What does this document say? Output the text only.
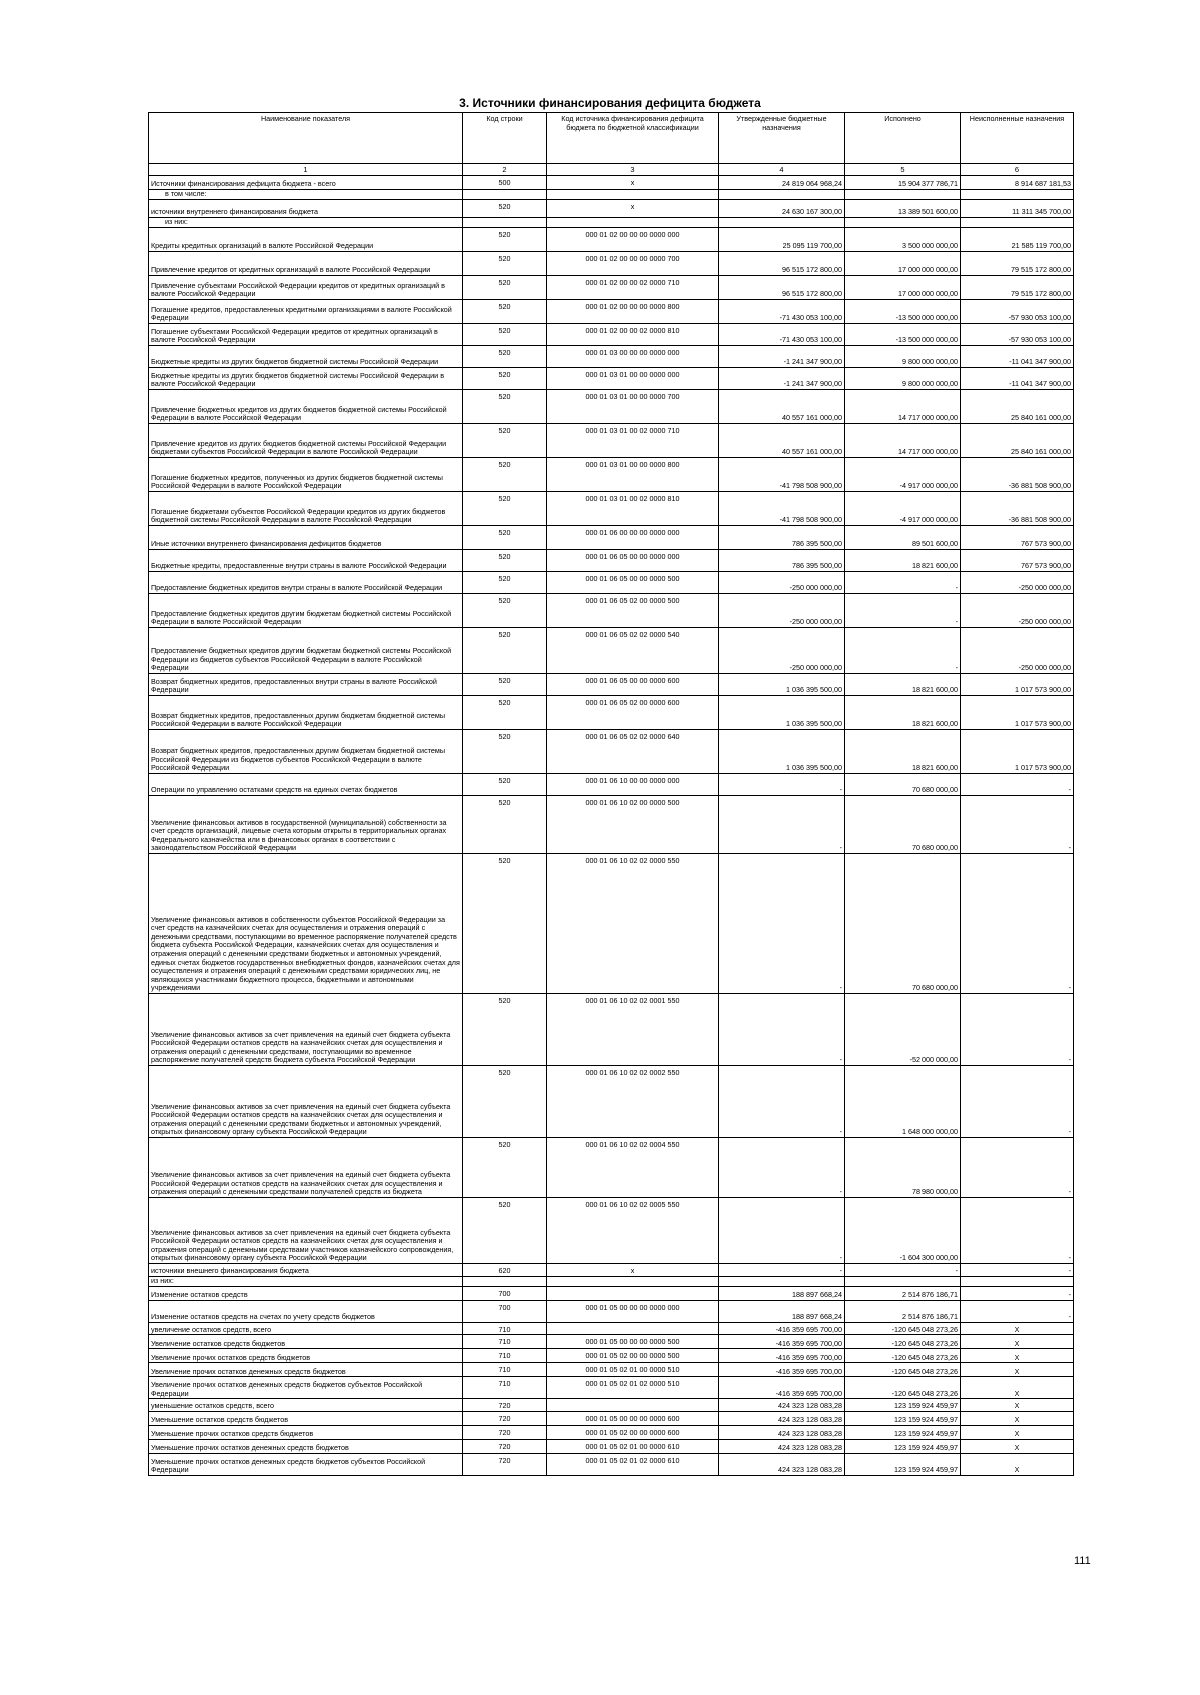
3. Источники финансирования дефицита бюджета
Наименование показателя	Код строки	Код источника финансирования дефицита бюджета по бюджетной классификации	Утвержденные бюджетные назначения	Исполнено	Неисполненные назначения
1	2	3	4	5	6
Источники финансирования дефицита бюджета - всего	500	x	24 819 064 968,24	15 904 377 786,71	8 914 687 181,53
в том числе:					
источники внутреннего финансирования бюджета	520	x	24 630 167 300,00	13 389 501 600,00	11 311 345 700,00
из них:					
Кредиты кредитных организаций в валюте Российской Федерации	520	000 01 02 00 00 00 0000 000	25 095 119 700,00	3 500 000 000,00	21 585 119 700,00
Привлечение кредитов от кредитных организаций в валюте Российской Федерации	520	000 01 02 00 00 00 0000 700	96 515 172 800,00	17 000 000 000,00	79 515 172 800,00
Привлечение субъектами Российской Федерации кредитов от кредитных организаций в валюте Российской Федерации	520	000 01 02 00 00 02 0000 710	96 515 172 800,00	17 000 000 000,00	79 515 172 800,00
Погашение кредитов, предоставленных кредитными организациями в валюте Российской Федерации	520	000 01 02 00 00 00 0000 800	-71 430 053 100,00	-13 500 000 000,00	-57 930 053 100,00
Погашение субъектами Российской Федерации кредитов от кредитных организаций в валюте Российской Федерации	520	000 01 02 00 00 02 0000 810	-71 430 053 100,00	-13 500 000 000,00	-57 930 053 100,00
Бюджетные кредиты из других бюджетов бюджетной системы Российской Федерации	520	000 01 03 00 00 00 0000 000	-1 241 347 900,00	9 800 000 000,00	-11 041 347 900,00
Бюджетные кредиты из других бюджетов бюджетной системы Российской Федерации в валюте Российской Федерации	520	000 01 03 01 00 00 0000 000	-1 241 347 900,00	9 800 000 000,00	-11 041 347 900,00
Привлечение бюджетных кредитов из других бюджетов бюджетной системы Российской Федерации в валюте Российской Федерации	520	000 01 03 01 00 00 0000 700	40 557 161 000,00	14 717 000 000,00	25 840 161 000,00
Привлечение кредитов из других бюджетов бюджетной системы Российской Федерации бюджетами субъектов Российской Федерации в валюте Российской Федерации	520	000 01 03 01 00 02 0000 710	40 557 161 000,00	14 717 000 000,00	25 840 161 000,00
Погашение бюджетных кредитов, полученных из других бюджетов бюджетной системы Российской Федерации в валюте Российской Федерации	520	000 01 03 01 00 00 0000 800	-41 798 508 900,00	-4 917 000 000,00	-36 881 508 900,00
Погашение бюджетами субъектов Российской Федерации кредитов из других бюджетов бюджетной системы Российской Федерации в валюте Российской Федерации	520	000 01 03 01 00 02 0000 810	-41 798 508 900,00	-4 917 000 000,00	-36 881 508 900,00
Иные источники внутреннего финансирования дефицитов бюджетов	520	000 01 06 00 00 00 0000 000	786 395 500,00	89 501 600,00	767 573 900,00
Бюджетные кредиты, предоставленные внутри страны в валюте Российской Федерации	520	000 01 06 05 00 00 0000 000	786 395 500,00	18 821 600,00	767 573 900,00
Предоставление бюджетных кредитов внутри страны в валюте Российской Федерации	520	000 01 06 05 00 00 0000 500	-250 000 000,00	-	-250 000 000,00
Предоставление бюджетных кредитов другим бюджетам бюджетной системы Российской Федерации в валюте Российской Федерации	520	000 01 06 05 02 00 0000 500	-250 000 000,00	-	-250 000 000,00
Предоставление бюджетных кредитов другим бюджетам бюджетной системы Российской Федерации из бюджетов субъектов Российской Федерации в валюте Российской Федерации	520	000 01 06 05 02 02 0000 540	-250 000 000,00	-	-250 000 000,00
Возврат бюджетных кредитов, предоставленных внутри страны в валюте Российской Федерации	520	000 01 06 05 00 00 0000 600	1 036 395 500,00	18 821 600,00	1 017 573 900,00
Возврат бюджетных кредитов, предоставленных другим бюджетам бюджетной системы Российской Федерации в валюте Российской Федерации	520	000 01 06 05 02 00 0000 600	1 036 395 500,00	18 821 600,00	1 017 573 900,00
Возврат бюджетных кредитов, предоставленных другим бюджетам бюджетной системы Российской Федерации из бюджетов субъектов Российской Федерации в валюте Российской Федерации	520	000 01 06 05 02 02 0000 640	1 036 395 500,00	18 821 600,00	1 017 573 900,00
Операции по управлению остатками средств на единых счетах бюджетов	520	000 01 06 10 00 00 0000 000	-	70 680 000,00	-
Увеличение финансовых активов в государственной (муниципальной) собственности за счет средств организаций, лицевые счета которым открыты в территориальных органах Федерального казначейства или в финансовых органах в соответствии с законодательством Российской Федерации	520	000 01 06 10 02 00 0000 500	-	70 680 000,00	-
Увеличение финансовых активов в собственности субъектов Российской Федерации за счет средств на казначейских счетах для осуществления и отражения операций с денежными средствами, поступающими во временное распоряжение получателей средств бюджета субъекта Российской Федерации, казначейских счетах для осуществления и отражения операций с денежными средствами бюджетных и автономных учреждений, единых счетах бюджетов государственных внебюджетных фондов, казначейских счетах для осуществления и отражения операций с денежными средствами юридических лиц, не являющихся участниками бюджетного процесса, бюджетными и автономными учреждениями	520	000 01 06 10 02 02 0000 550	-	70 680 000,00	-
Увеличение финансовых активов за счет привлечения на единый счет бюджета субъекта Российской Федерации остатков средств на казначейских счетах для осуществления и отражения операций с денежными средствами, поступающими во временное распоряжение получателей средств бюджета субъекта Российской Федерации	520	000 01 06 10 02 02 0001 550	-	-52 000 000,00	-
Увеличение финансовых активов за счет привлечения на единый счет бюджета субъекта Российской Федерации остатков средств на казначейских счетах для осуществления и отражения операций с денежными средствами бюджетных и автономных учреждений, открытых финансовому органу субъекта Российской Федерации	520	000 01 06 10 02 02 0002 550	-	1 648 000 000,00	-
Увеличение финансовых активов за счет привлечения на единый счет бюджета субъекта Российской Федерации остатков средств на казначейских счетах для осуществления и отражения операций с денежными средствами получателей средств из бюджета	520	000 01 06 10 02 02 0004 550	-	78 980 000,00	-
Увеличение финансовых активов за счет привлечения на единый счет бюджета субъекта Российской Федерации остатков средств на казначейских счетах для осуществления и отражения операций с денежными средствами участников казначейского сопровождения, открытых финансовому органу субъекта Российской Федерации	520	000 01 06 10 02 02 0005 550	-	-1 604 300 000,00	-
источники внешнего финансирования бюджета	620	x	-	-	-
из них:					
Изменение остатков средств	700		188 897 668,24	2 514 876 186,71	-
Изменение остатков средств на счетах по учету средств бюджетов	700	000 01 05 00 00 00 0000 000	188 897 668,24	2 514 876 186,71	-
увеличение остатков средств, всего	710		-416 359 695 700,00	-120 645 048 273,26	X
Увеличение остатков средств бюджетов	710	000 01 05 00 00 00 0000 500	-416 359 695 700,00	-120 645 048 273,26	X
Увеличение прочих остатков средств бюджетов	710	000 01 05 02 00 00 0000 500	-416 359 695 700,00	-120 645 048 273,26	X
Увеличение прочих остатков денежных средств бюджетов	710	000 01 05 02 01 00 0000 510	-416 359 695 700,00	-120 645 048 273,26	X
Увеличение прочих остатков денежных средств бюджетов субъектов Российской Федерации	710	000 01 05 02 01 02 0000 510	-416 359 695 700,00	-120 645 048 273,26	X
уменьшение остатков средств, всего	720		424 323 128 083,28	123 159 924 459,97	X
Уменьшение остатков средств бюджетов	720	000 01 05 00 00 00 0000 600	424 323 128 083,28	123 159 924 459,97	X
Уменьшение прочих остатков средств бюджетов	720	000 01 05 02 00 00 0000 600	424 323 128 083,28	123 159 924 459,97	X
Уменьшение прочих остатков денежных средств бюджетов	720	000 01 05 02 01 00 0000 610	424 323 128 083,28	123 159 924 459,97	X
Уменьшение прочих остатков денежных средств бюджетов субъектов Российской Федерации	720	000 01 05 02 01 02 0000 610	424 323 128 083,28	123 159 924 459,97	X
111
